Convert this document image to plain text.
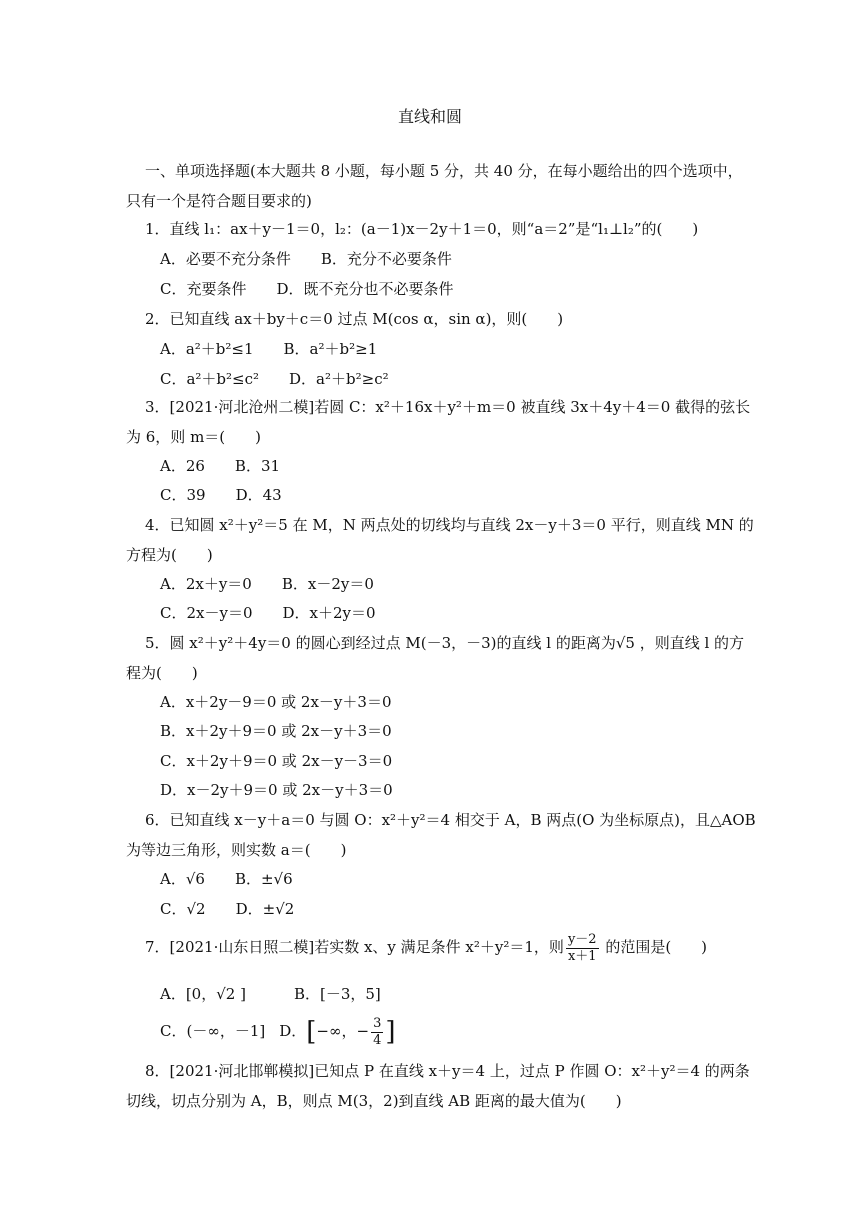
直线和圆
一、单项选择题(本大题共 8 小题，每小题 5 分，共 40 分，在每小题给出的四个选项中，
只有一个是符合题目要求的)
1．直线 l₁：ax＋y－1＝0，l₂：(a－1)x－2y＋1＝0，则“a＝2”是“l₁⊥l₂”的(　　)
A．必要不充分条件 B．充分不必要条件
C．充要条件 D．既不充分也不必要条件
2．已知直线 ax＋by＋c＝0 过点 M(cos α，sin α)，则(　　)
A．a²＋b²≤1 B．a²＋b²≥1
C．a²＋b²≤c² D．a²＋b²≥c²
3．[2021·河北沧州二模]若圆 C：x²＋16x＋y²＋m＝0 被直线 3x＋4y＋4＝0 截得的弦长
为 6，则 m＝(　　)
A．26 B．31
C．39 D．43
4．已知圆 x²＋y²＝5 在 M，N 两点处的切线均与直线 2x－y＋3＝0 平行，则直线 MN 的
方程为(　　)
A．2x＋y＝0 B．x－2y＝0
C．2x－y＝0 D．x＋2y＝0
5．圆 x²＋y²＋4y＝0 的圆心到经过点 M(－3，－3)的直线 l 的距离为√5 ，则直线 l 的方
程为(　　)
A．x＋2y－9＝0 或 2x－y＋3＝0
B．x＋2y＋9＝0 或 2x－y＋3＝0
C．x＋2y＋9＝0 或 2x－y－3＝0
D．x－2y＋9＝0 或 2x－y＋3＝0
6．已知直线 x－y＋a＝0 与圆 O：x²＋y²＝4 相交于 A，B 两点(O 为坐标原点)，且△AOB
为等边三角形，则实数 a＝(　　)
A．√6 B．±√6
C．√2 D．±√2
7．[2021·山东日照二模]若实数 x、y 满足条件 x²＋y²＝1，则 $\frac{y-2}{x+1}$ 的范围是(　　)
A．[0，√2 ]	B．[－3，5]
C．(－∞，－1] D．[−∞，− $\frac{3}{4}$ ]
8．[2021·河北邯郸模拟]已知点 P 在直线 x＋y＝4 上，过点 P 作圆 O：x²＋y²＝4 的两条
切线，切点分别为 A，B，则点 M(3，2)到直线 AB 距离的最大值为(　　)
